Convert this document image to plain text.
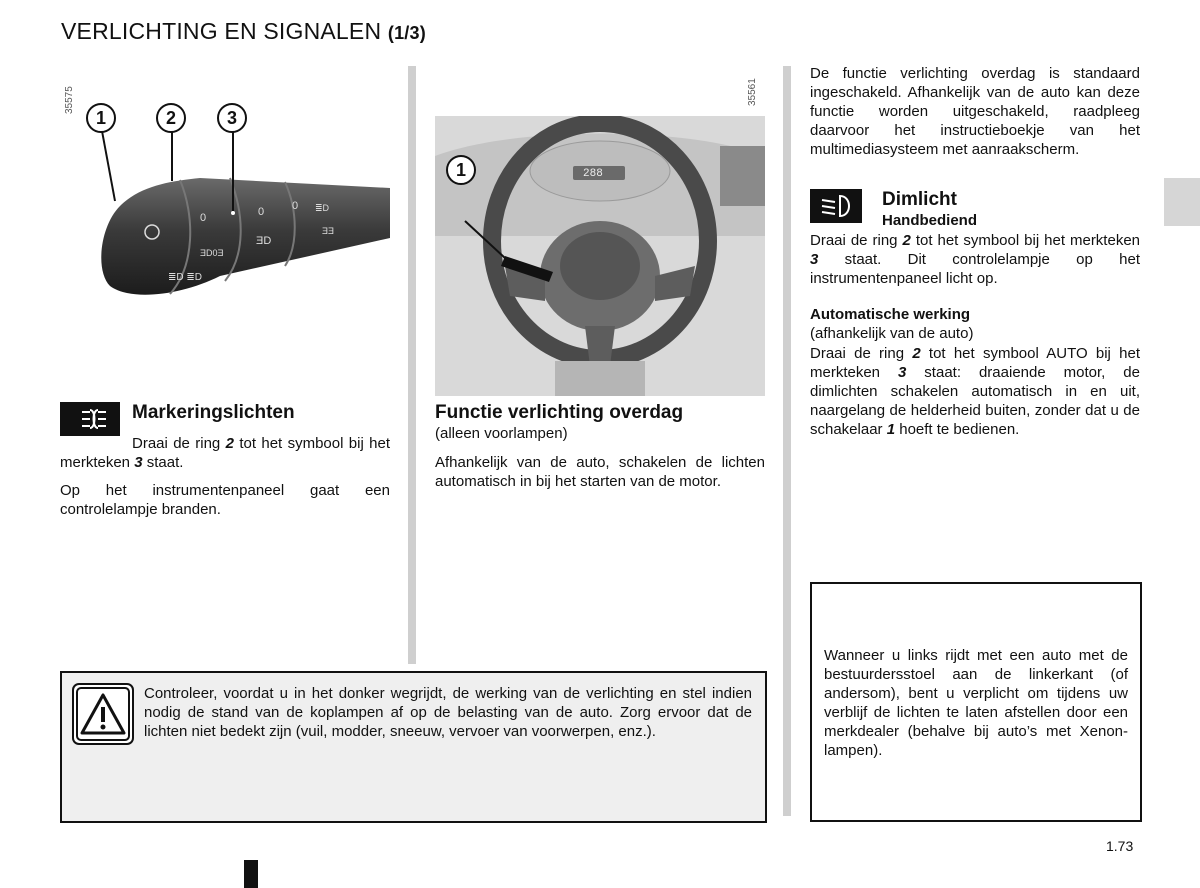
VERLICHTING EN SIGNALEN (1/3)
35575
ƎD0Ǝ
≣D ≣D
ƎD
≣D
ƎƎ
0	0	0
1	2	3
35561
288
1
Markeringslichten
Draai de ring 2 tot het symbool bij het merkteken 3 staat.
Op het instrumentenpaneel gaat een controlelampje branden.
Functie verlichting overdag
(alleen voorlampen)
Afhankelijk van de auto, schakelen de lichten automatisch in bij het starten van de motor.
De functie verlichting overdag is standaard ingeschakeld. Afhankelijk van de auto kan deze functie worden uitgeschakeld, raadpleeg daarvoor het instructieboekje van het multimediasysteem met aanraakscherm.
Dimlicht
Handbediend
Draai de ring 2 tot het symbool bij het merkteken 3 staat. Dit controlelampje op het instrumentenpaneel licht op.
Automatische werking
(afhankelijk van de auto)
Draai de ring 2 tot het symbool AUTO bij het merkteken 3 staat: draaiende motor, de dimlichten schakelen automatisch in en uit, naargelang de helderheid buiten, zonder dat u de schakelaar 1 hoeft te bedienen.
Controleer, voordat u in het donker wegrijdt, de werking van de verlichting en stel indien nodig de stand van de koplampen af op de belasting van de auto. Zorg ervoor dat de lichten niet bedekt zijn (vuil, modder, sneeuw, vervoer van voorwerpen, enz.).
Wanneer u links rijdt met een auto met de bestuurdersstoel aan de linkerkant (of andersom), bent u verplicht om tijdens uw verblijf de lichten te laten afstellen door een merkdealer (behalve bij auto’s met Xenon-lampen).
1.73
